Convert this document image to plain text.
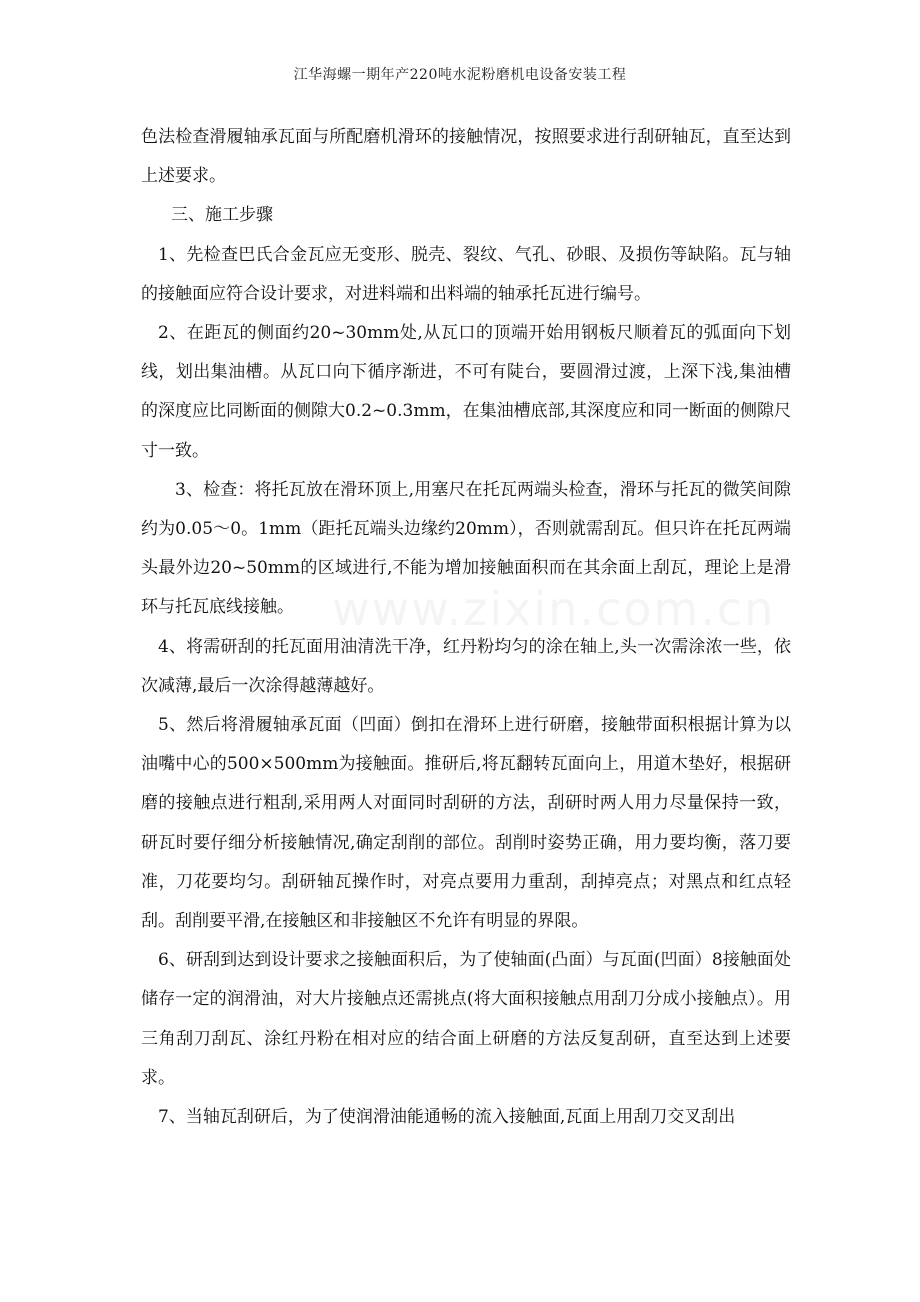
江华海螺一期年产220吨水泥粉磨机电设备安装工程

色法检查滑履轴承瓦面与所配磨机滑环的接触情况，按照要求进行刮研轴瓦，直至达到上述要求。

三、施工步骤

1、先检查巴氏合金瓦应无变形、脱壳、裂纹、气孔、砂眼、及损伤等缺陷。瓦与轴的接触面应符合设计要求，对进料端和出料端的轴承托瓦进行编号。

2、在距瓦的侧面约20~30mm处,从瓦口的顶端开始用钢板尺顺着瓦的弧面向下划线，划出集油槽。从瓦口向下循序渐进，不可有陡台，要圆滑过渡，上深下浅,集油槽的深度应比同断面的侧隙大0.2~0.3mm，在集油槽底部,其深度应和同一断面的侧隙尺寸一致。

3、检查：将托瓦放在滑环顶上,用塞尺在托瓦两端头检查，滑环与托瓦的微笑间隙约为0.05～0。1mm（距托瓦端头边缘约20mm），否则就需刮瓦。但只许在托瓦两端头最外边20~50mm的区域进行,不能为增加接触面积而在其余面上刮瓦，理论上是滑环与托瓦底线接触。

4、将需研刮的托瓦面用油清洗干净，红丹粉均匀的涂在轴上,头一次需涂浓一些，依次减薄,最后一次涂得越薄越好。

5、然后将滑履轴承瓦面（凹面）倒扣在滑环上进行研磨，接触带面积根据计算为以油嘴中心的500×500mm为接触面。推研后,将瓦翻转瓦面向上，用道木垫好，根据研磨的接触点进行粗刮,采用两人对面同时刮研的方法，刮研时两人用力尽量保持一致，研瓦时要仔细分析接触情况,确定刮削的部位。刮削时姿势正确，用力要均衡，落刀要准，刀花要均匀。刮研轴瓦操作时，对亮点要用力重刮，刮掉亮点；对黑点和红点轻刮。刮削要平滑,在接触区和非接触区不允许有明显的界限。

6、研刮到达到设计要求之接触面积后，为了使轴面(凸面）与瓦面(凹面）8接触面处储存一定的润滑油，对大片接触点还需挑点(将大面积接触点用刮刀分成小接触点）。用三角刮刀刮瓦、涂红丹粉在相对应的结合面上研磨的方法反复刮研，直至达到上述要求。

7、当轴瓦刮研后，为了使润滑油能通畅的流入接触面,瓦面上用刮刀交叉刮出

www.zixin.com.cn
